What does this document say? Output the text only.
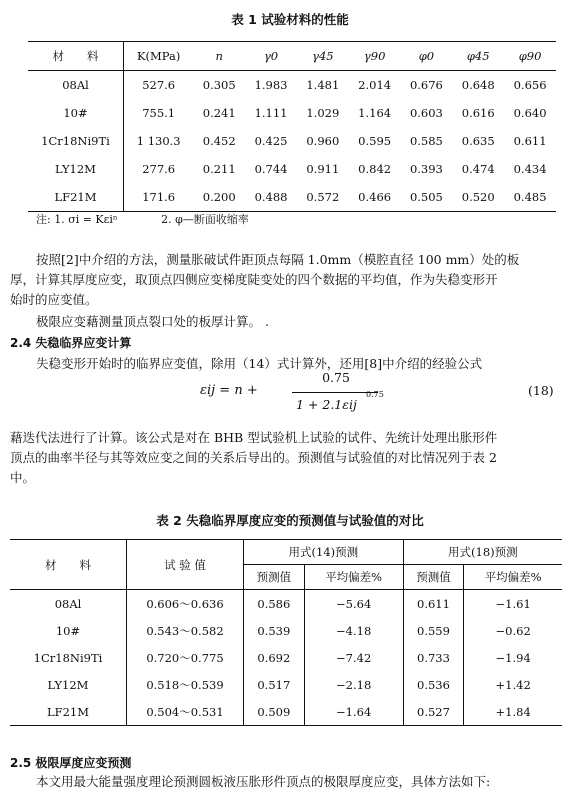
表 1 试验材料的性能
材　　料	K(MPa)	n	γ0	γ45	γ90	φ0	φ45	φ90
08Al	527.6	0.305	1.983	1.481	2.014	0.676	0.648	0.656
10#	755.1	0.241	1.111	1.029	1.164	0.603	0.616	0.640
1Cr18Ni9Ti	1 130.3	0.452	0.425	0.960	0.595	0.585	0.635	0.611
LY12M	277.6	0.211	0.744	0.911	0.842	0.393	0.474	0.434
LF21M	171.6	0.200	0.488	0.572	0.466	0.505	0.520	0.485
注: 1. σi = Kεiⁿ	2. φ—断面收缩率
按照[2]中介绍的方法，测量胀破试件距顶点每隔 1.0mm（模腔直径 100 mm）处的板
厚，计算其厚度应变，取顶点四侧应变梯度陡变处的四个数据的平均值，作为失稳变形开
始时的应变值。
极限应变藉测量顶点裂口处的板厚计算。 .
2.4 失稳临界应变计算
失稳变形开始时的临界应变值，除用（14）式计算外，还用[8]中介绍的经验公式
εij = n +
0.75
1 + 2.1εij
0.75	(18)
藉迭代法进行了计算。该公式是对在 BHB 型试验机上试验的试件、先统计处理出胀形件
顶点的曲率半径与其等效应变之间的关系后导出的。预测值与试验值的对比情况列于表 2
中。
表 2 失稳临界厚度应变的预测值与试验值的对比
材　　料	试 验 值	用式(14)预测		用式(18)预测	
		预测值	平均偏差%	预测值	平均偏差%
08Al	0.606～0.636	0.586	−5.64	0.611	−1.61
10#	0.543～0.582	0.539	−4.18	0.559	−0.62
1Cr18Ni9Ti	0.720～0.775	0.692	−7.42	0.733	−1.94
LY12M	0.518～0.539	0.517	−2.18	0.536	+1.42
LF21M	0.504～0.531	0.509	−1.64	0.527	+1.84
2.5 极限厚度应变预测
本文用最大能量强度理论预测圆板液压胀形件顶点的极限厚度应变，具体方法如下:
